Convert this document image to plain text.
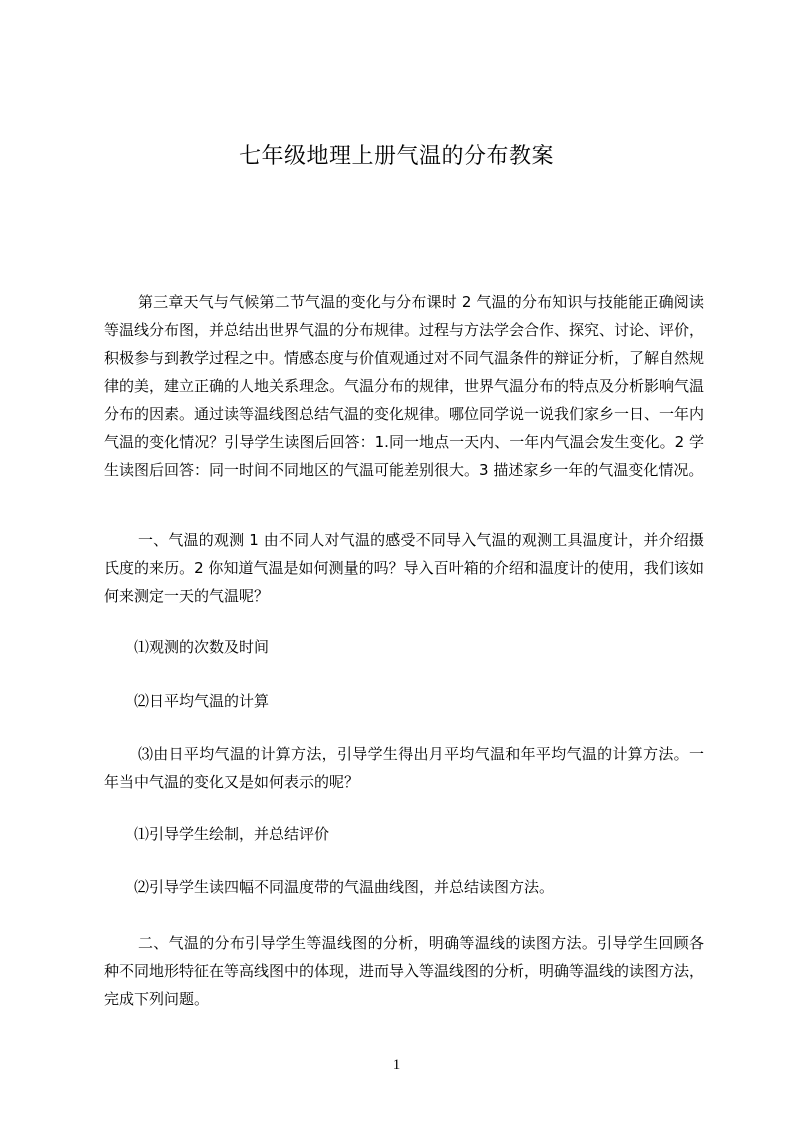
七年级地理上册气温的分布教案

第三章天气与气候第二节气温的变化与分布课时 2 气温的分布知识与技能能正确阅读等温线分布图，并总结出世界气温的分布规律。过程与方法学会合作、探究、讨论、评价，积极参与到教学过程之中。情感态度与价值观通过对不同气温条件的辩证分析，了解自然规律的美，建立正确的人地关系理念。气温分布的规律，世界气温分布的特点及分析影响气温分布的因素。通过读等温线图总结气温的变化规律。哪位同学说一说我们家乡一日、一年内气温的变化情况？引导学生读图后回答：1.同一地点一天内、一年内气温会发生变化。2 学生读图后回答：同一时间不同地区的气温可能差别很大。3 描述家乡一年的气温变化情况。

一、气温的观测 1 由不同人对气温的感受不同导入气温的观测工具温度计，并介绍摄氏度的来历。2 你知道气温是如何测量的吗？导入百叶箱的介绍和温度计的使用，我们该如何来测定一天的气温呢？

⑴观测的次数及时间

⑵日平均气温的计算

⑶由日平均气温的计算方法，引导学生得出月平均气温和年平均气温的计算方法。一年当中气温的变化又是如何表示的呢？

⑴引导学生绘制，并总结评价

⑵引导学生读四幅不同温度带的气温曲线图，并总结读图方法。

二、气温的分布引导学生等温线图的分析，明确等温线的读图方法。引导学生回顾各种不同地形特征在等高线图中的体现，进而导入等温线图的分析，明确等温线的读图方法，完成下列问题。

1
